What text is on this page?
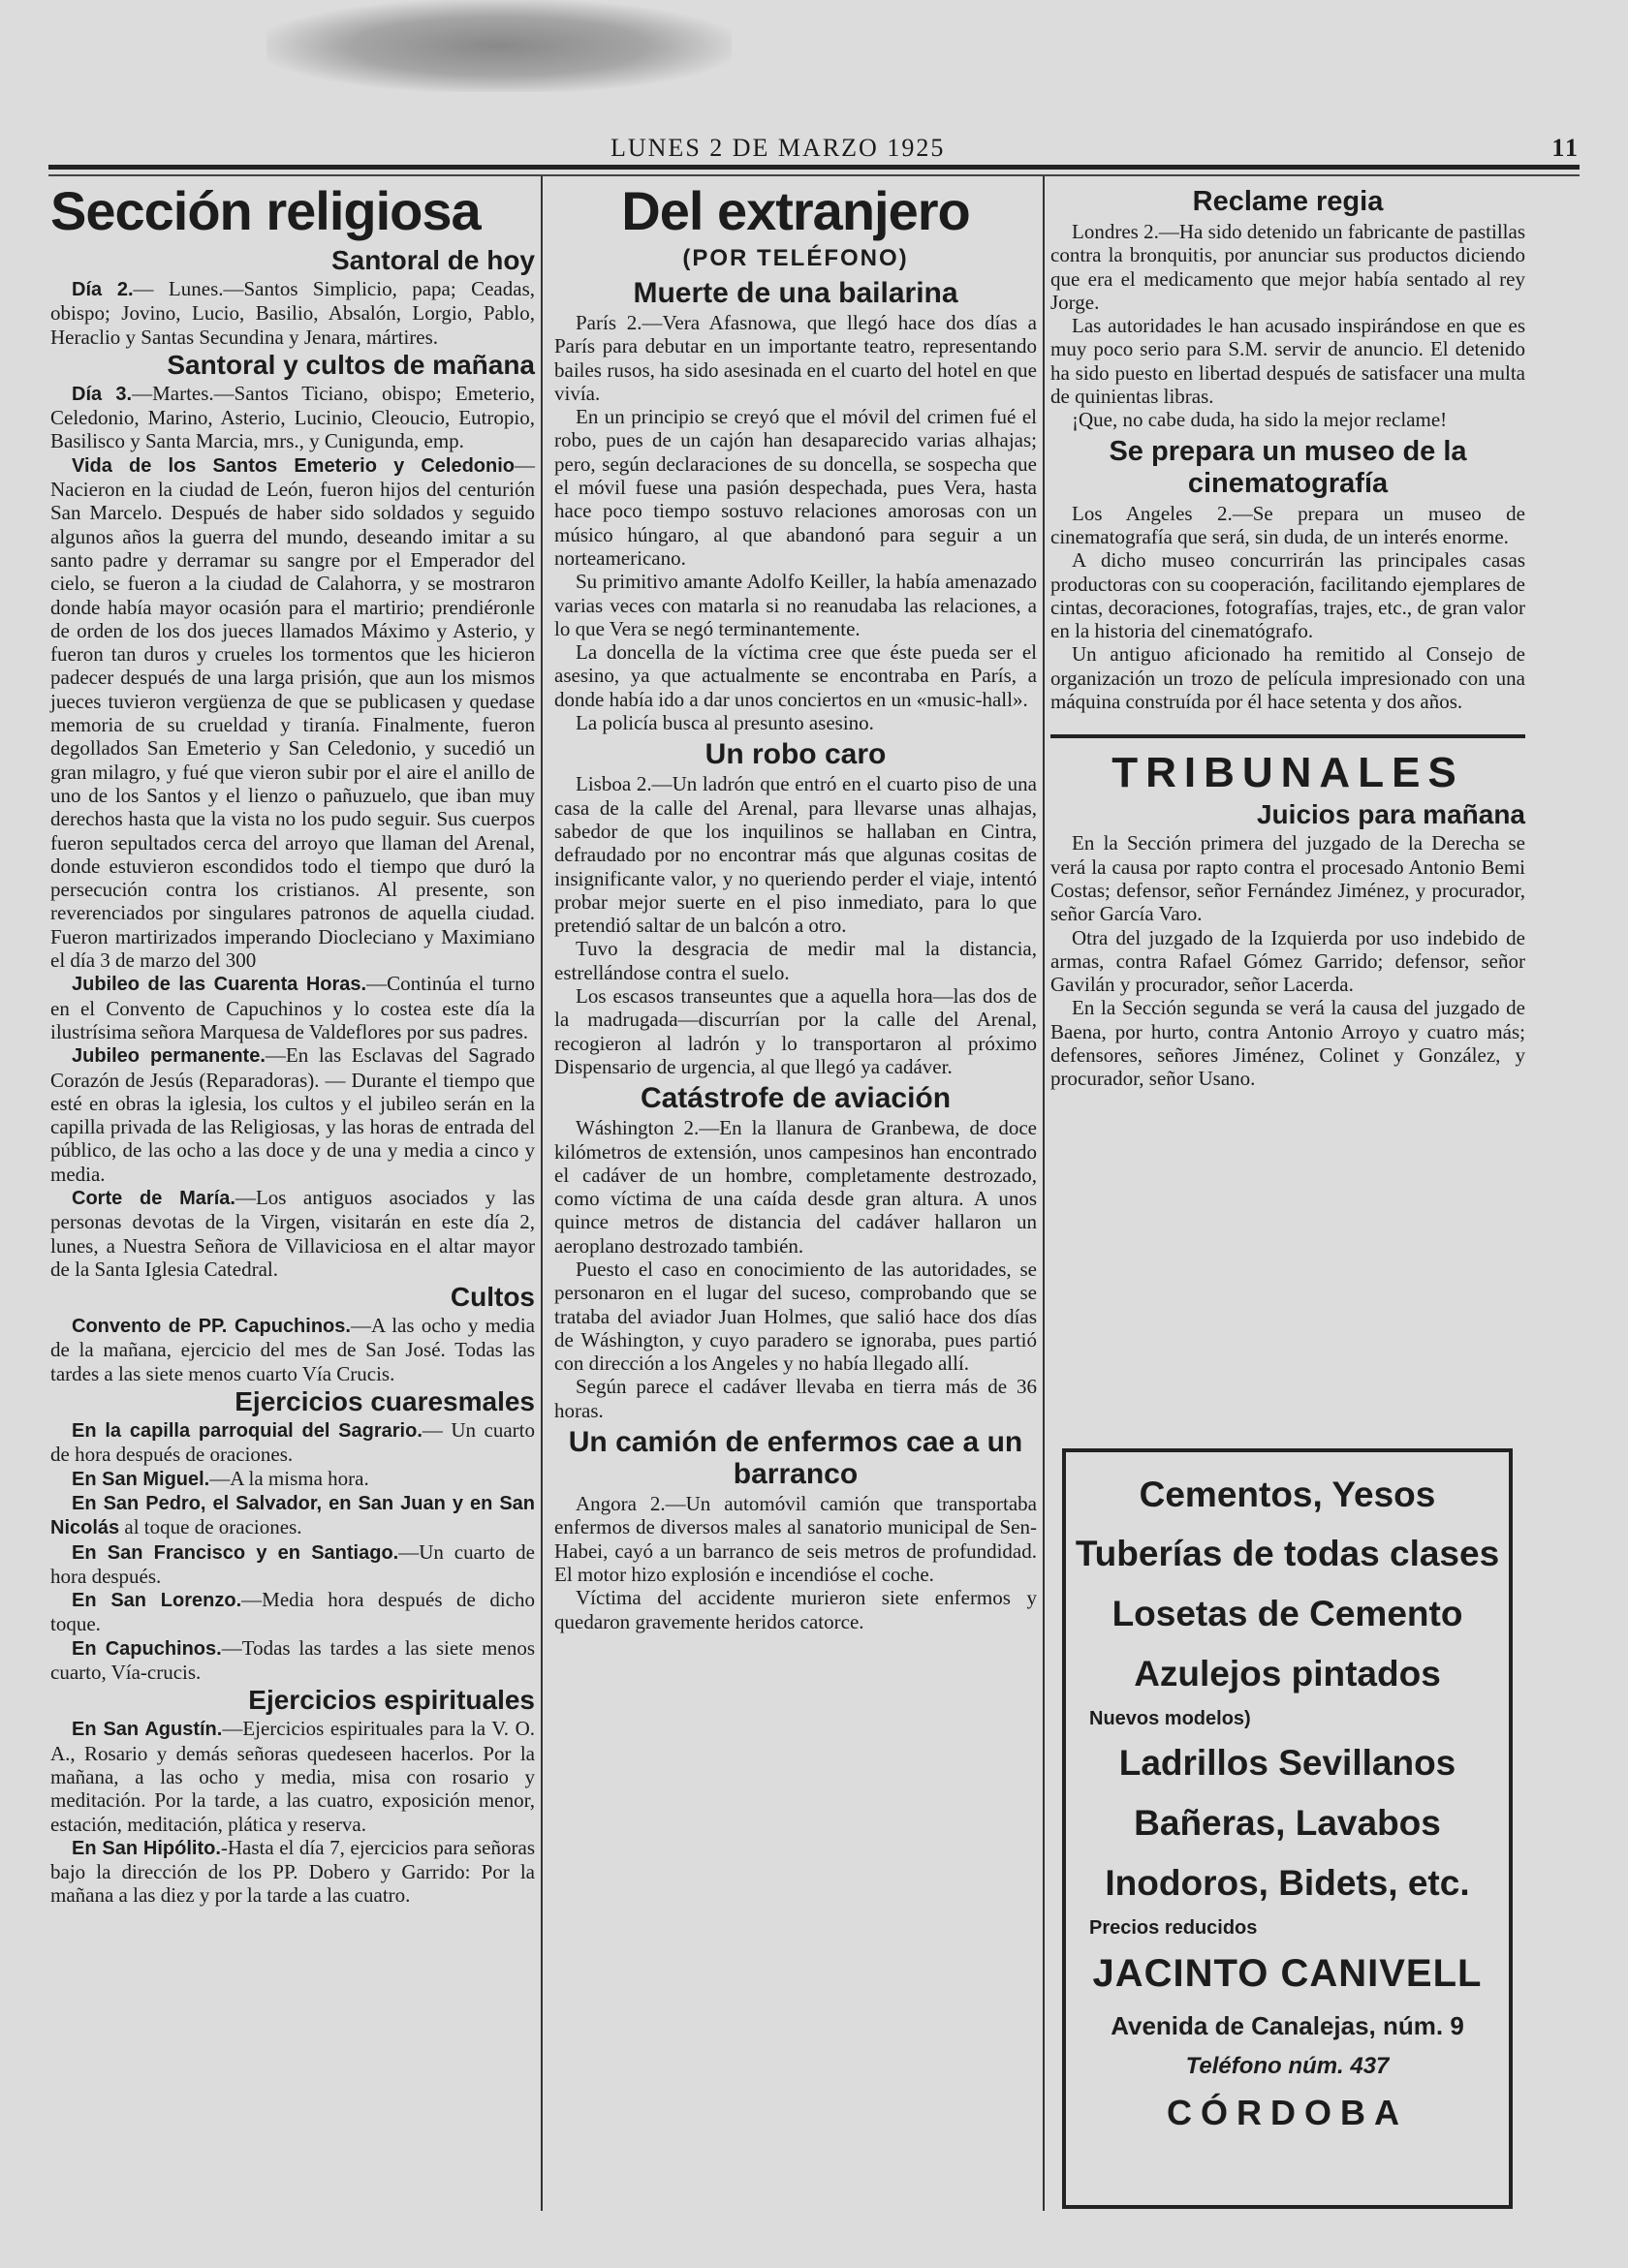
LUNES 2 DE MARZO 1925	11
Sección religiosa
Santoral de hoy

Día 2.— Lunes.—Santos Simplicio, papa; Ceadas, obispo; Jovino, Lucio, Basilio, Absalón, Lorgio, Pablo, Heraclio y Santas Secundina y Jenara, mártires.

Santoral y cultos de mañana

Día 3.—Martes.—Santos Ticiano, obispo; Emeterio, Celedonio, Marino, Asterio, Lucinio, Cleoucio, Eutropio, Basilisco y Santa Marcia, mrs., y Cunigunda, emp.

Vida de los Santos Emeterio y Celedonio—Nacieron en la ciudad de León, fueron hijos del centurión San Marcelo. Después de haber sido soldados y seguido algunos años la guerra del mundo, deseando imitar a su santo padre y derramar su sangre por el Emperador del cielo, se fueron a la ciudad de Calahorra, y se mostraron donde había mayor ocasión para el martirio; prendiéronle de orden de los dos jueces llamados Máximo y Asterio, y fueron tan duros y crueles los tormentos que les hicieron padecer después de una larga prisión, que aun los mismos jueces tuvieron vergüenza de que se publicasen y quedase memoria de su crueldad y tiranía. Finalmente, fueron degollados San Emeterio y San Celedonio, y sucedió un gran milagro, y fué que vieron subir por el aire el anillo de uno de los Santos y el lienzo o pañuzuelo, que iban muy derechos hasta que la vista no los pudo seguir. Sus cuerpos fueron sepultados cerca del arroyo que llaman del Arenal, donde estuvieron escondidos todo el tiempo que duró la persecución contra los cristianos. Al presente, son reverenciados por singulares patronos de aquella ciudad. Fueron martirizados imperando Diocleciano y Maximiano el día 3 de marzo del 300

Jubileo de las Cuarenta Horas.—Continúa el turno en el Convento de Capuchinos y lo costea este día la ilustrísima señora Marquesa de Valdeflores por sus padres.

Jubileo permanente.—En las Esclavas del Sagrado Corazón de Jesús (Reparadoras). — Durante el tiempo que esté en obras la iglesia, los cultos y el jubileo serán en la capilla privada de las Religiosas, y las horas de entrada del público, de las ocho a las doce y de una y media a cinco y media.

Corte de María.—Los antiguos asociados y las personas devotas de la Virgen, visitarán en este día 2, lunes, a Nuestra Señora de Villaviciosa en el altar mayor de la Santa Iglesia Catedral.

Cultos

Convento de PP. Capuchinos.—A las ocho y media de la mañana, ejercicio del mes de San José. Todas las tardes a las siete menos cuarto Vía Crucis.

Ejercicios cuaresmales

En la capilla parroquial del Sagrario.— Un cuarto de hora después de oraciones.

En San Miguel.—A la misma hora.

En San Pedro, el Salvador, en San Juan y en San Nicolás al toque de oraciones.

En San Francisco y en Santiago.—Un cuarto de hora después.

En San Lorenzo.—Media hora después de dicho toque.

En Capuchinos.—Todas las tardes a las siete menos cuarto, Vía-crucis.

Ejercicios espirituales

En San Agustín.—Ejercicios espirituales para la V. O. A., Rosario y demás señoras quedeseen hacerlos. Por la mañana, a las ocho y media, misa con rosario y meditación. Por la tarde, a las cuatro, exposición menor, estación, meditación, plática y reserva.

En San Hipólito.-Hasta el día 7, ejercicios para señoras bajo la dirección de los PP. Dobero y Garrido: Por la mañana a las diez y por la tarde a las cuatro.

Del extranjero
(POR TELÉFONO)
Muerte de una bailarina

París 2.—Vera Afasnowa, que llegó hace dos días a París para debutar en un importante teatro, representando bailes rusos, ha sido asesinada en el cuarto del hotel en que vivía.

En un principio se creyó que el móvil del crimen fué el robo, pues de un cajón han desaparecido varias alhajas; pero, según declaraciones de su doncella, se sospecha que el móvil fuese una pasión despechada, pues Vera, hasta hace poco tiempo sostuvo relaciones amorosas con un músico húngaro, al que abandonó para seguir a un norteamericano.

Su primitivo amante Adolfo Keiller, la había amenazado varias veces con matarla si no reanudaba las relaciones, a lo que Vera se negó terminantemente.

La doncella de la víctima cree que éste pueda ser el asesino, ya que actualmente se encontraba en París, a donde había ido a dar unos conciertos en un «music-hall».

La policía busca al presunto asesino.

Un robo caro

Lisboa 2.—Un ladrón que entró en el cuarto piso de una casa de la calle del Arenal, para llevarse unas alhajas, sabedor de que los inquilinos se hallaban en Cintra, defraudado por no encontrar más que algunas cositas de insignificante valor, y no queriendo perder el viaje, intentó probar mejor suerte en el piso inmediato, para lo que pretendió saltar de un balcón a otro.

Tuvo la desgracia de medir mal la distancia, estrellándose contra el suelo.

Los escasos transeuntes que a aquella hora—las dos de la madrugada—discurrían por la calle del Arenal, recogieron al ladrón y lo transportaron al próximo Dispensario de urgencia, al que llegó ya cadáver.

Catástrofe de aviación

Wáshington 2.—En la llanura de Granbewa, de doce kilómetros de extensión, unos campesinos han encontrado el cadáver de un hombre, completamente destrozado, como víctima de una caída desde gran altura. A unos quince metros de distancia del cadáver hallaron un aeroplano destrozado también.

Puesto el caso en conocimiento de las autoridades, se personaron en el lugar del suceso, comprobando que se trataba del aviador Juan Holmes, que salió hace dos días de Wáshington, y cuyo paradero se ignoraba, pues partió con dirección a los Angeles y no había llegado allí.

Según parece el cadáver llevaba en tierra más de 36 horas.

Un camión de enfermos cae a un barranco

Angora 2.—Un automóvil camión que transportaba enfermos de diversos males al sanatorio municipal de Sen-Habei, cayó a un barranco de seis metros de profundidad. El motor hizo explosión e incendióse el coche.

Víctima del accidente murieron siete enfermos y quedaron gravemente heridos catorce.

Reclame regia

Londres 2.—Ha sido detenido un fabricante de pastillas contra la bronquitis, por anunciar sus productos diciendo que era el medicamento que mejor había sentado al rey Jorge.

Las autoridades le han acusado inspirándose en que es muy poco serio para S.M. servir de anuncio. El detenido ha sido puesto en libertad después de satisfacer una multa de quinientas libras.

¡Que, no cabe duda, ha sido la mejor reclame!

Se prepara un museo de la cinematografía

Los Angeles 2.—Se prepara un museo de cinematografía que será, sin duda, de un interés enorme.

A dicho museo concurrirán las principales casas productoras con su cooperación, facilitando ejemplares de cintas, decoraciones, fotografías, trajes, etc., de gran valor en la historia del cinematógrafo.

Un antiguo aficionado ha remitido al Consejo de organización un trozo de película impresionado con una máquina construída por él hace setenta y dos años.

TRIBUNALES
Juicios para mañana

En la Sección primera del juzgado de la Derecha se verá la causa por rapto contra el procesado Antonio Bemi Costas; defensor, señor Fernández Jiménez, y procurador, señor García Varo.

Otra del juzgado de la Izquierda por uso indebido de armas, contra Rafael Gómez Garrido; defensor, señor Gavilán y procurador, señor Lacerda.

En la Sección segunda se verá la causa del juzgado de Baena, por hurto, contra Antonio Arroyo y cuatro más; defensores, señores Jiménez, Colinet y González, y procurador, señor Usano.

Cementos, Yesos
Tuberías de todas clases
Losetas de Cemento
Azulejos pintados
Nuevos modelos)
Ladrillos Sevillanos
Bañeras, Lavabos
Inodoros, Bidets, etc.
Precios reducidos
JACINTO CANIVELL
Avenida de Canalejas, núm. 9
Teléfono núm. 437
CÓRDOBA
